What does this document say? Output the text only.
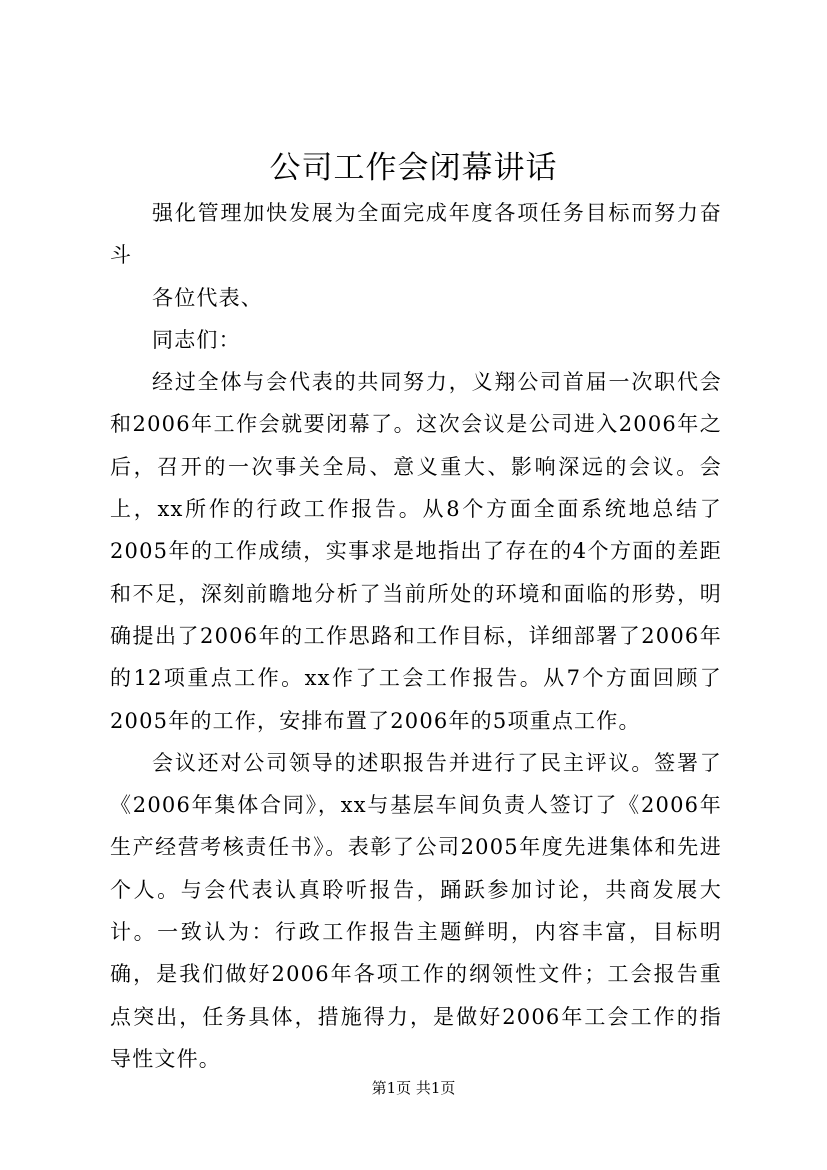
公司工作会闭幕讲话

强化管理加快发展为全面完成年度各项任务目标而努力奋斗

各位代表、

同志们：

经过全体与会代表的共同努力，义翔公司首届一次职代会和2006年工作会就要闭幕了。这次会议是公司进入2006年之后，召开的一次事关全局、意义重大、影响深远的会议。会上，xx所作的行政工作报告。从8个方面全面系统地总结了2005年的工作成绩，实事求是地指出了存在的4个方面的差距和不足，深刻前瞻地分析了当前所处的环境和面临的形势，明确提出了2006年的工作思路和工作目标，详细部署了2006年的12项重点工作。xx作了工会工作报告。从7个方面回顾了2005年的工作，安排布置了2006年的5项重点工作。

会议还对公司领导的述职报告并进行了民主评议。签署了《2006年集体合同》，xx与基层车间负责人签订了《2006年生产经营考核责任书》。表彰了公司2005年度先进集体和先进个人。与会代表认真聆听报告，踊跃参加讨论，共商发展大计。一致认为：行政工作报告主题鲜明，内容丰富，目标明确，是我们做好2006年各项工作的纲领性文件；工会报告重点突出，任务具体，措施得力，是做好2006年工会工作的指导性文件。

第1页 共1页
